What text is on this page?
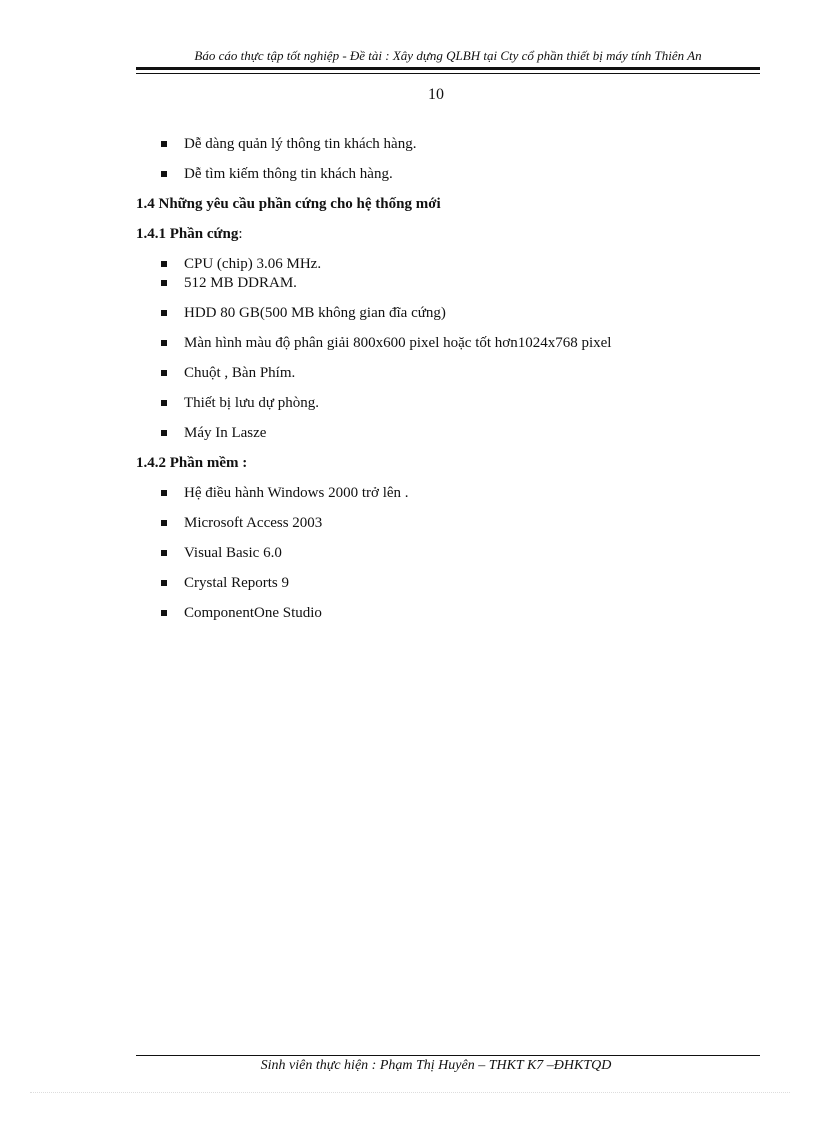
Báo cáo thực tập tốt nghiệp - Đề tài : Xây dựng QLBH tại Cty cổ phần thiết bị máy tính Thiên An
10
Dễ dàng quản lý thông tin khách hàng.
Dễ tìm kiếm thông tin khách hàng.
1.4 Những yêu cầu phần cứng cho hệ thống mới
1.4.1 Phần cứng:
CPU (chip) 3.06 MHz.
512 MB DDRAM.
HDD 80 GB(500 MB không gian đĩa cứng)
Màn hình màu độ phân giải 800x600 pixel hoặc tốt hơn1024x768 pixel
Chuột , Bàn Phím.
Thiết bị lưu dự phòng.
Máy In Lasze
1.4.2 Phần mềm :
Hệ điều hành Windows 2000 trở lên .
Microsoft Access 2003
Visual Basic 6.0
Crystal Reports 9
ComponentOne Studio
Sinh viên thực hiện : Phạm Thị Huyên – THKT K7 –ĐHKTQD
